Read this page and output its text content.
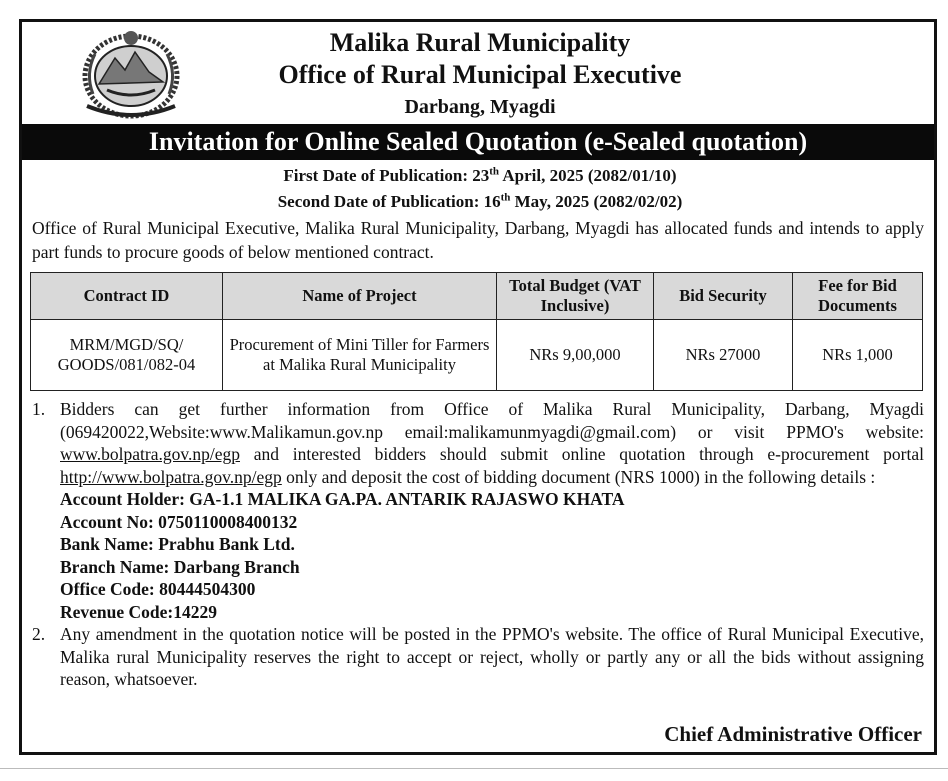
Malika Rural Municipality
Office of Rural Municipal Executive
Darbang, Myagdi
Invitation for Online Sealed Quotation (e-Sealed quotation)
First Date of Publication: 23th April, 2025 (2082/01/10)
Second Date of Publication: 16th May, 2025 (2082/02/02)
Office of Rural Municipal Executive, Malika Rural Municipality, Darbang, Myagdi has allocated funds and intends to apply part funds to procure goods of below mentioned contract.
Contract ID	Name of Project	Total Budget (VAT Inclusive)	Bid Security	Fee for Bid Documents
MRM/MGD/SQ/ GOODS/081/082-04	Procurement of Mini Tiller for Farmers at Malika Rural Municipality	NRs 9,00,000	NRs 27000	NRs 1,000
1. Bidders can get further information from Office of Malika Rural Municipality, Darbang, Myagdi (069420022,Website:www.Malikamun.gov.np email:malikamunmyagdi@gmail.com) or visit PPMO's website: www.bolpatra.gov.np/egp and interested bidders should submit online quotation through e-procurement portal http://www.bolpatra.gov.np/egp only and deposit the cost of bidding document (NRS 1000) in the following details :
Account Holder: GA-1.1 MALIKA GA.PA. ANTARIK RAJASWO KHATA
Account No: 0750110008400132
Bank Name: Prabhu Bank Ltd.
Branch Name: Darbang Branch
Office Code: 80444504300
Revenue Code:14229
2. Any amendment in the quotation notice will be posted in the PPMO's website. The office of Rural Municipal Executive, Malika rural Municipality reserves the right to accept or reject, wholly or partly any or all the bids without assigning reason, whatsoever.
Chief Administrative Officer
